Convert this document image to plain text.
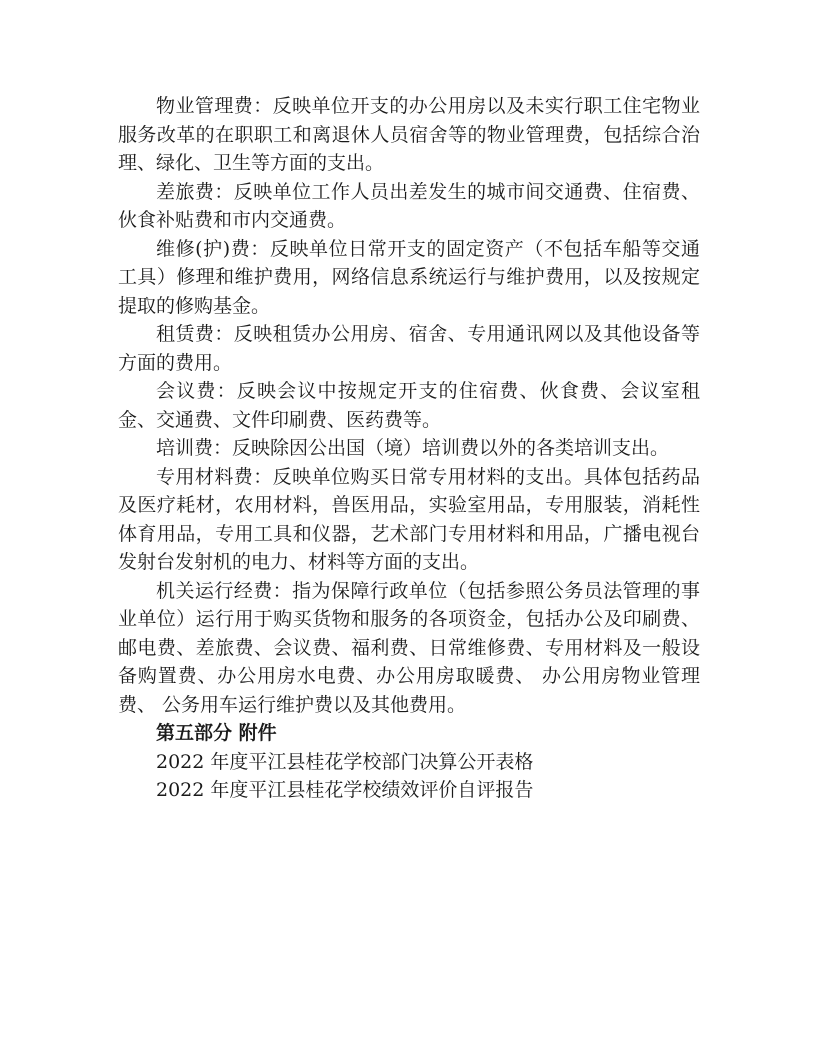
物业管理费：反映单位开支的办公用房以及未实行职工住宅物业服务改革的在职职工和离退休人员宿舍等的物业管理费，包括综合治理、绿化、卫生等方面的支出。

差旅费：反映单位工作人员出差发生的城市间交通费、住宿费、伙食补贴费和市内交通费。

维修(护)费：反映单位日常开支的固定资产（不包括车船等交通工具）修理和维护费用，网络信息系统运行与维护费用，以及按规定提取的修购基金。

租赁费：反映租赁办公用房、宿舍、专用通讯网以及其他设备等方面的费用。

会议费：反映会议中按规定开支的住宿费、伙食费、会议室租金、交通费、文件印刷费、医药费等。

培训费：反映除因公出国（境）培训费以外的各类培训支出。

专用材料费：反映单位购买日常专用材料的支出。具体包括药品及医疗耗材，农用材料，兽医用品，实验室用品，专用服装，消耗性体育用品，专用工具和仪器，艺术部门专用材料和用品，广播电视台发射台发射机的电力、材料等方面的支出。

机关运行经费：指为保障行政单位（包括参照公务员法管理的事业单位）运行用于购买货物和服务的各项资金，包括办公及印刷费、邮电费、差旅费、会议费、福利费、日常维修费、专用材料及一般设备购置费、办公用房水电费、办公用房取暖费、 办公用房物业管理费、 公务用车运行维护费以及其他费用。

第五部分 附件

2022 年度平江县桂花学校部门决算公开表格

2022 年度平江县桂花学校绩效评价自评报告
